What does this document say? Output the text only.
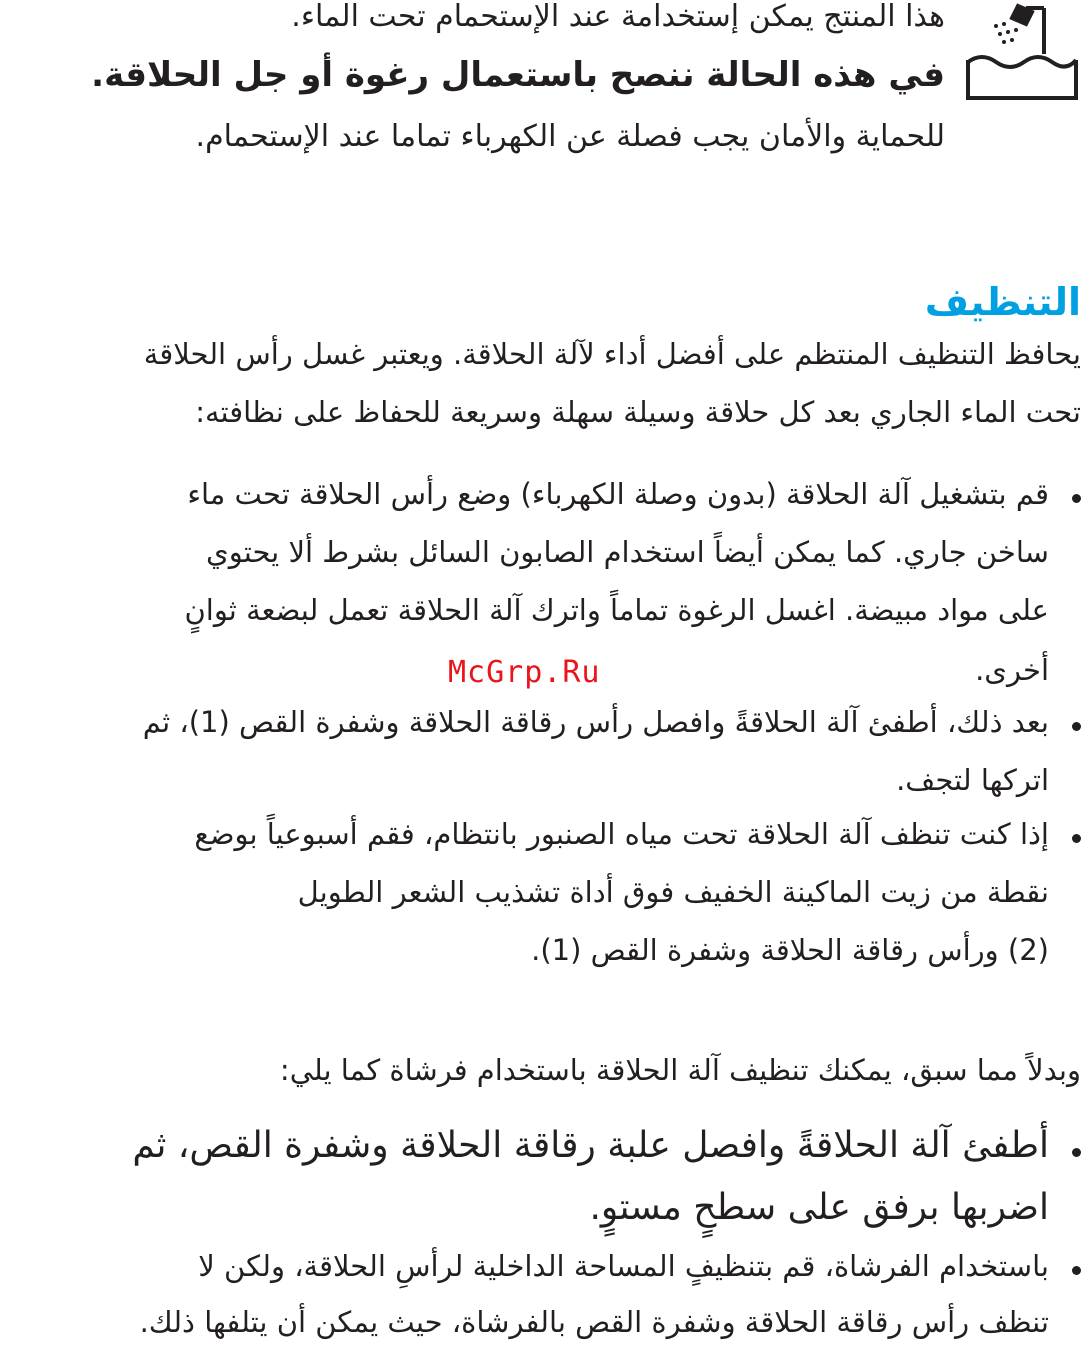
هذا المنتج يمكن إستخدامة عند الإستحمام تحت الماء.
في هذه الحالة ننصح باستعمال رغوة أو جل الحلاقة.
للحماية والأمان يجب فصلة عن الكهرباء تماما عند الإستحمام.
التنظيف
يحافظ التنظيف المنتظم على أفضل أداء لآلة الحلاقة. ويعتبر غسل رأس الحلاقة
تحت الماء الجاري بعد كل حلاقة وسيلة سهلة وسريعة للحفاظ على نظافته:
قم بتشغيل آلة الحلاقة (بدون وصلة الكهرباء) وضع رأس الحلاقة تحت ماء
ساخن جاري. كما يمكن أيضاً استخدام الصابون السائل بشرط ألا يحتوي
على مواد مبيضة. اغسل الرغوة تماماً واترك آلة الحلاقة تعمل لبضعة ثوانٍ
أخرى.
بعد ذلك، أطفئ آلة الحلاقةً وافصل رأس رقاقة الحلاقة وشفرة القص (1)، ثم
اتركها لتجف.
إذا كنت تنظف آلة الحلاقة تحت مياه الصنبور بانتظام، فقم أسبوعياً بوضع
نقطة من زيت الماكينة الخفيف فوق أداة تشذيب الشعر الطويل
(2) ورأس رقاقة الحلاقة وشفرة القص (1).
وبدلاً مما سبق، يمكنك تنظيف آلة الحلاقة باستخدام فرشاة كما يلي:
أطفئ آلة الحلاقةً وافصل علبة رقاقة الحلاقة وشفرة القص، ثم
اضربها برفق على سطحٍ مستوٍ.
باستخدام الفرشاة، قم بتنظيفٍ المساحة الداخلية لرأسِ الحلاقة، ولكن لا
تنظف رأس رقاقة الحلاقة وشفرة القص بالفرشاة، حيث يمكن أن يتلفها ذلك.
McGrp.Ru
